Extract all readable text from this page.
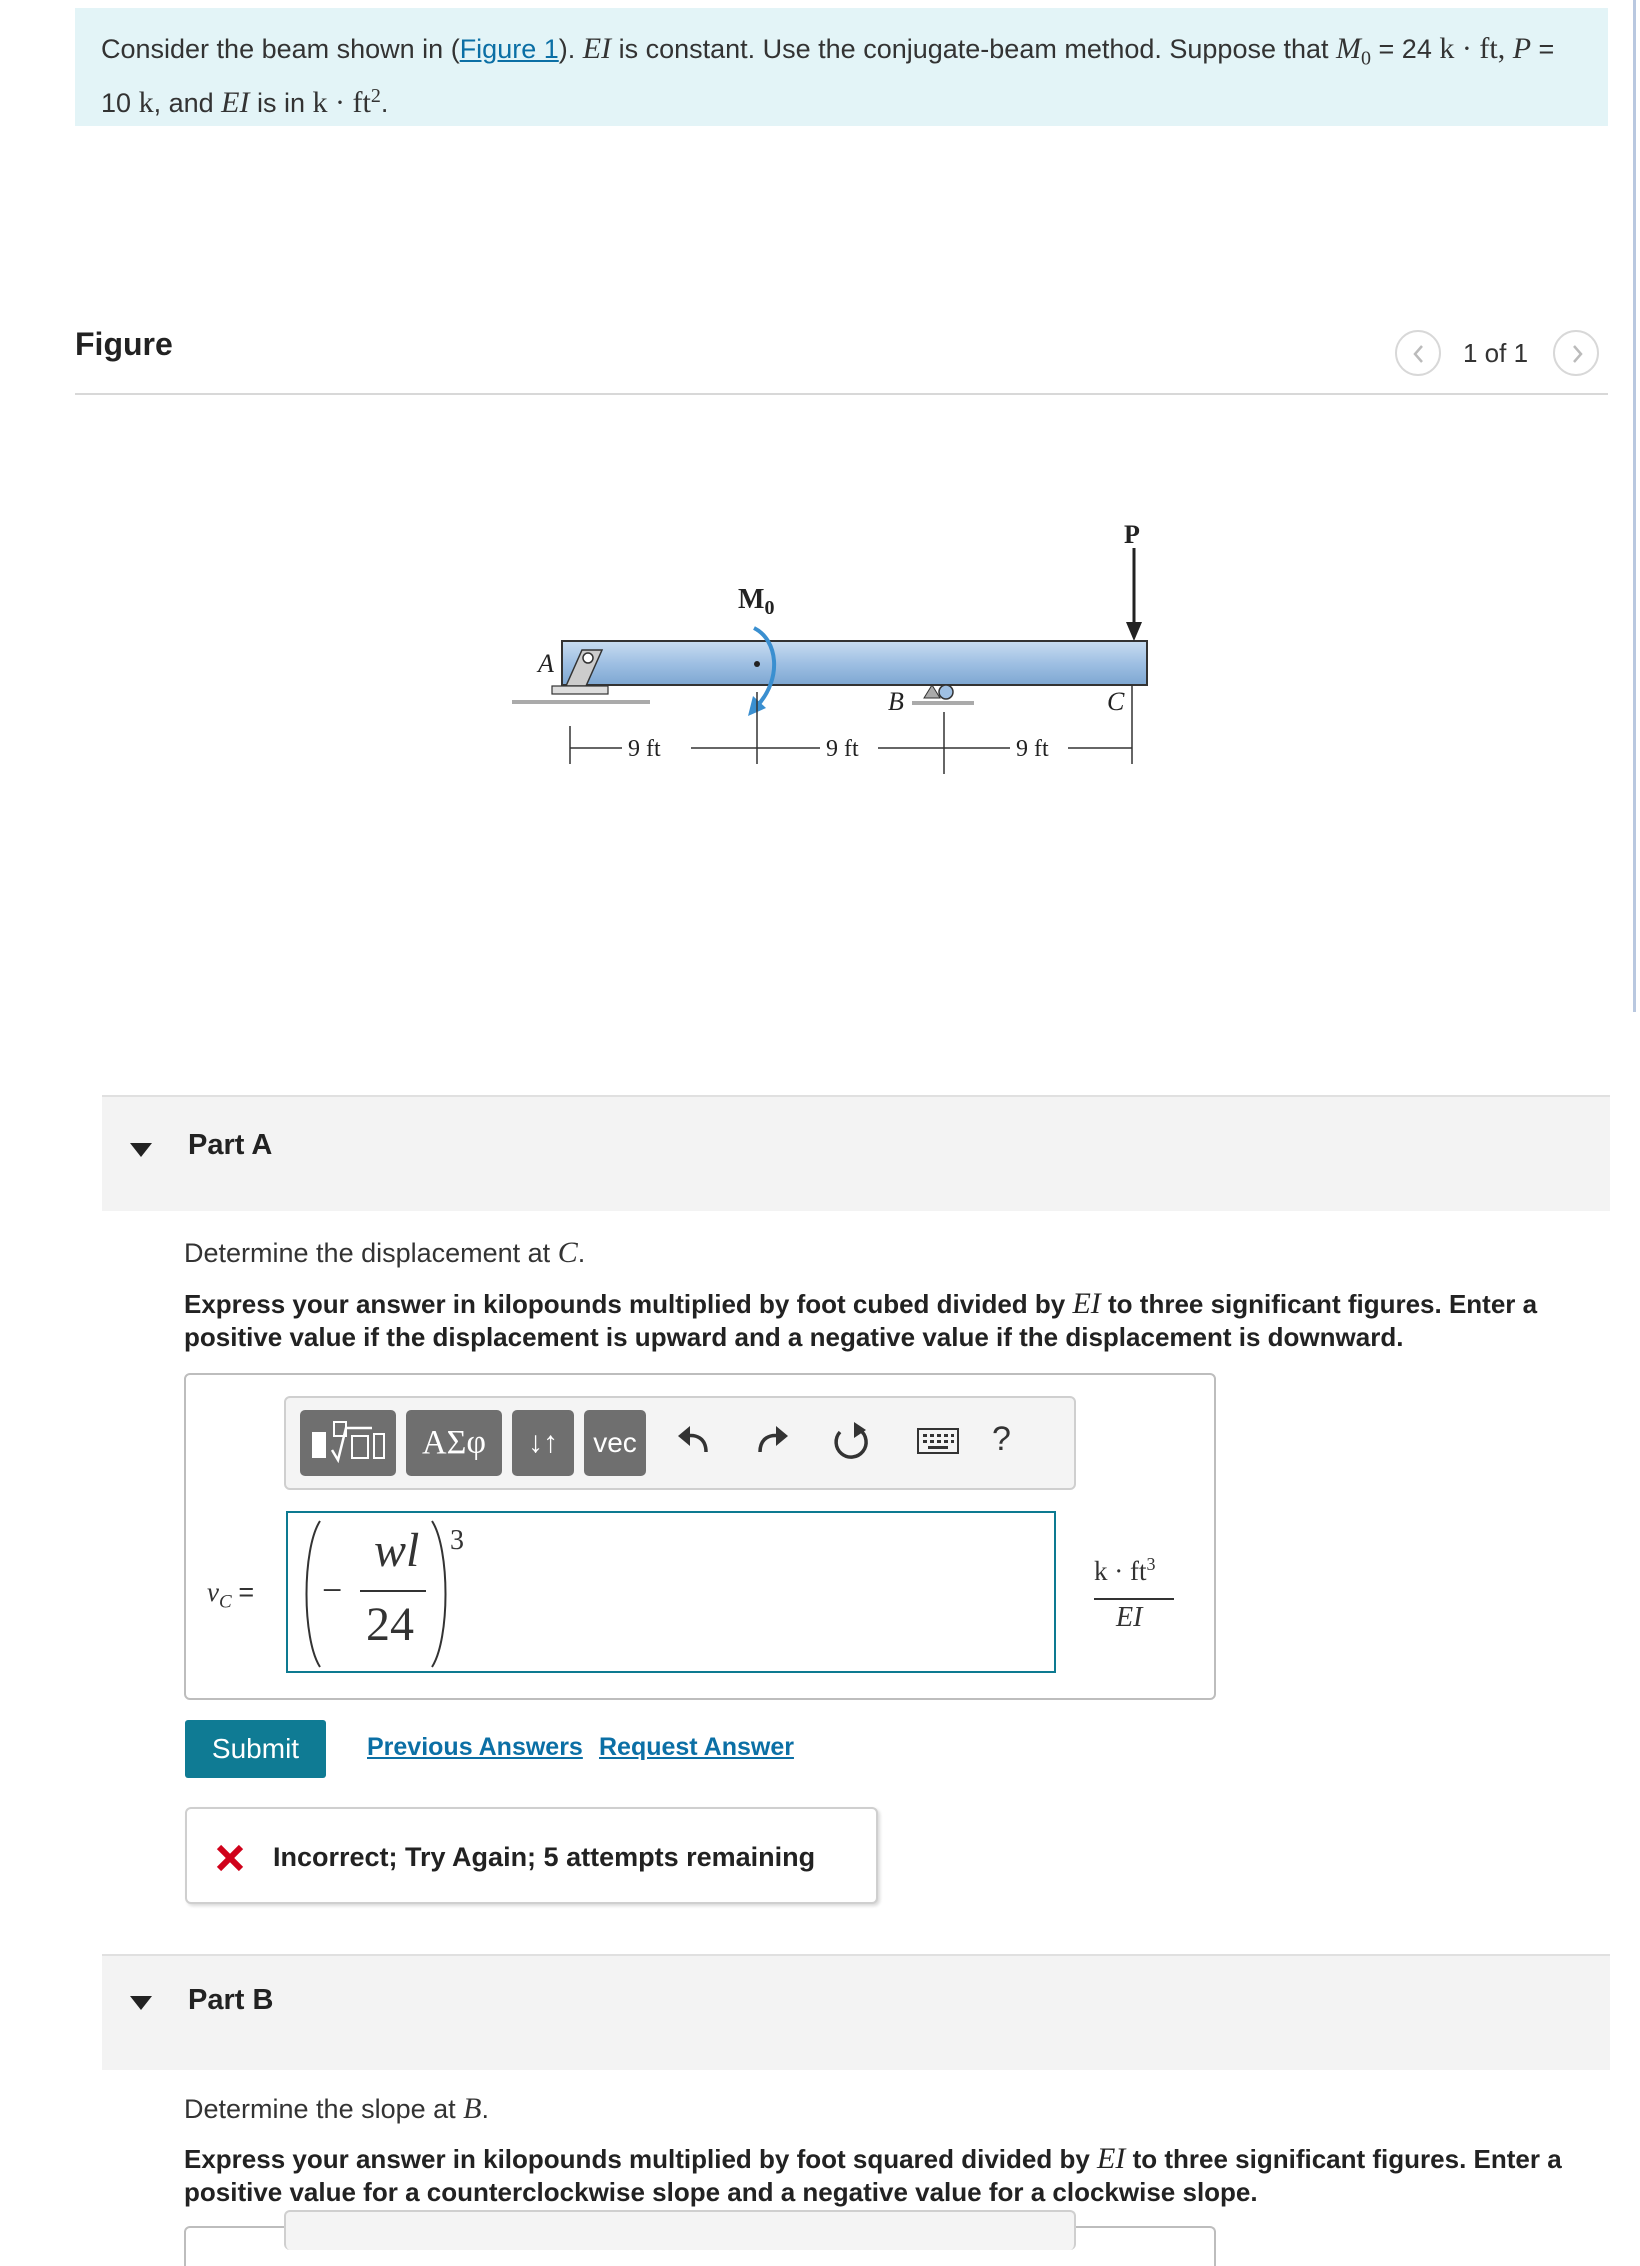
Consider the beam shown in (Figure 1). EI is constant. Use the conjugate-beam method. Suppose that $M_0 = 24$ k · ft, P =
10 k, and EI is in $k \cdot ft^2$.
Figure	1 of 1
A
B	C
P
$M_0$
9 ft	9 ft	9 ft
Part A
Determine the displacement at C.
Express your answer in kilopounds multiplied by foot cubed divided by EI to three significant figures. Enter a positive value if the displacement is upward and a negative value if the displacement is downward.
ΑΣφ	↓↑	vec	?
$v_C$ = −
wl
24
3
$k \cdot ft^3$
EI
Submit	Previous Answers Request Answer
Incorrect; Try Again; 5 attempts remaining
Part B
Determine the slope at B.
Express your answer in kilopounds multiplied by foot squared divided by EI to three significant figures. Enter a positive value for a counterclockwise slope and a negative value for a clockwise slope.
